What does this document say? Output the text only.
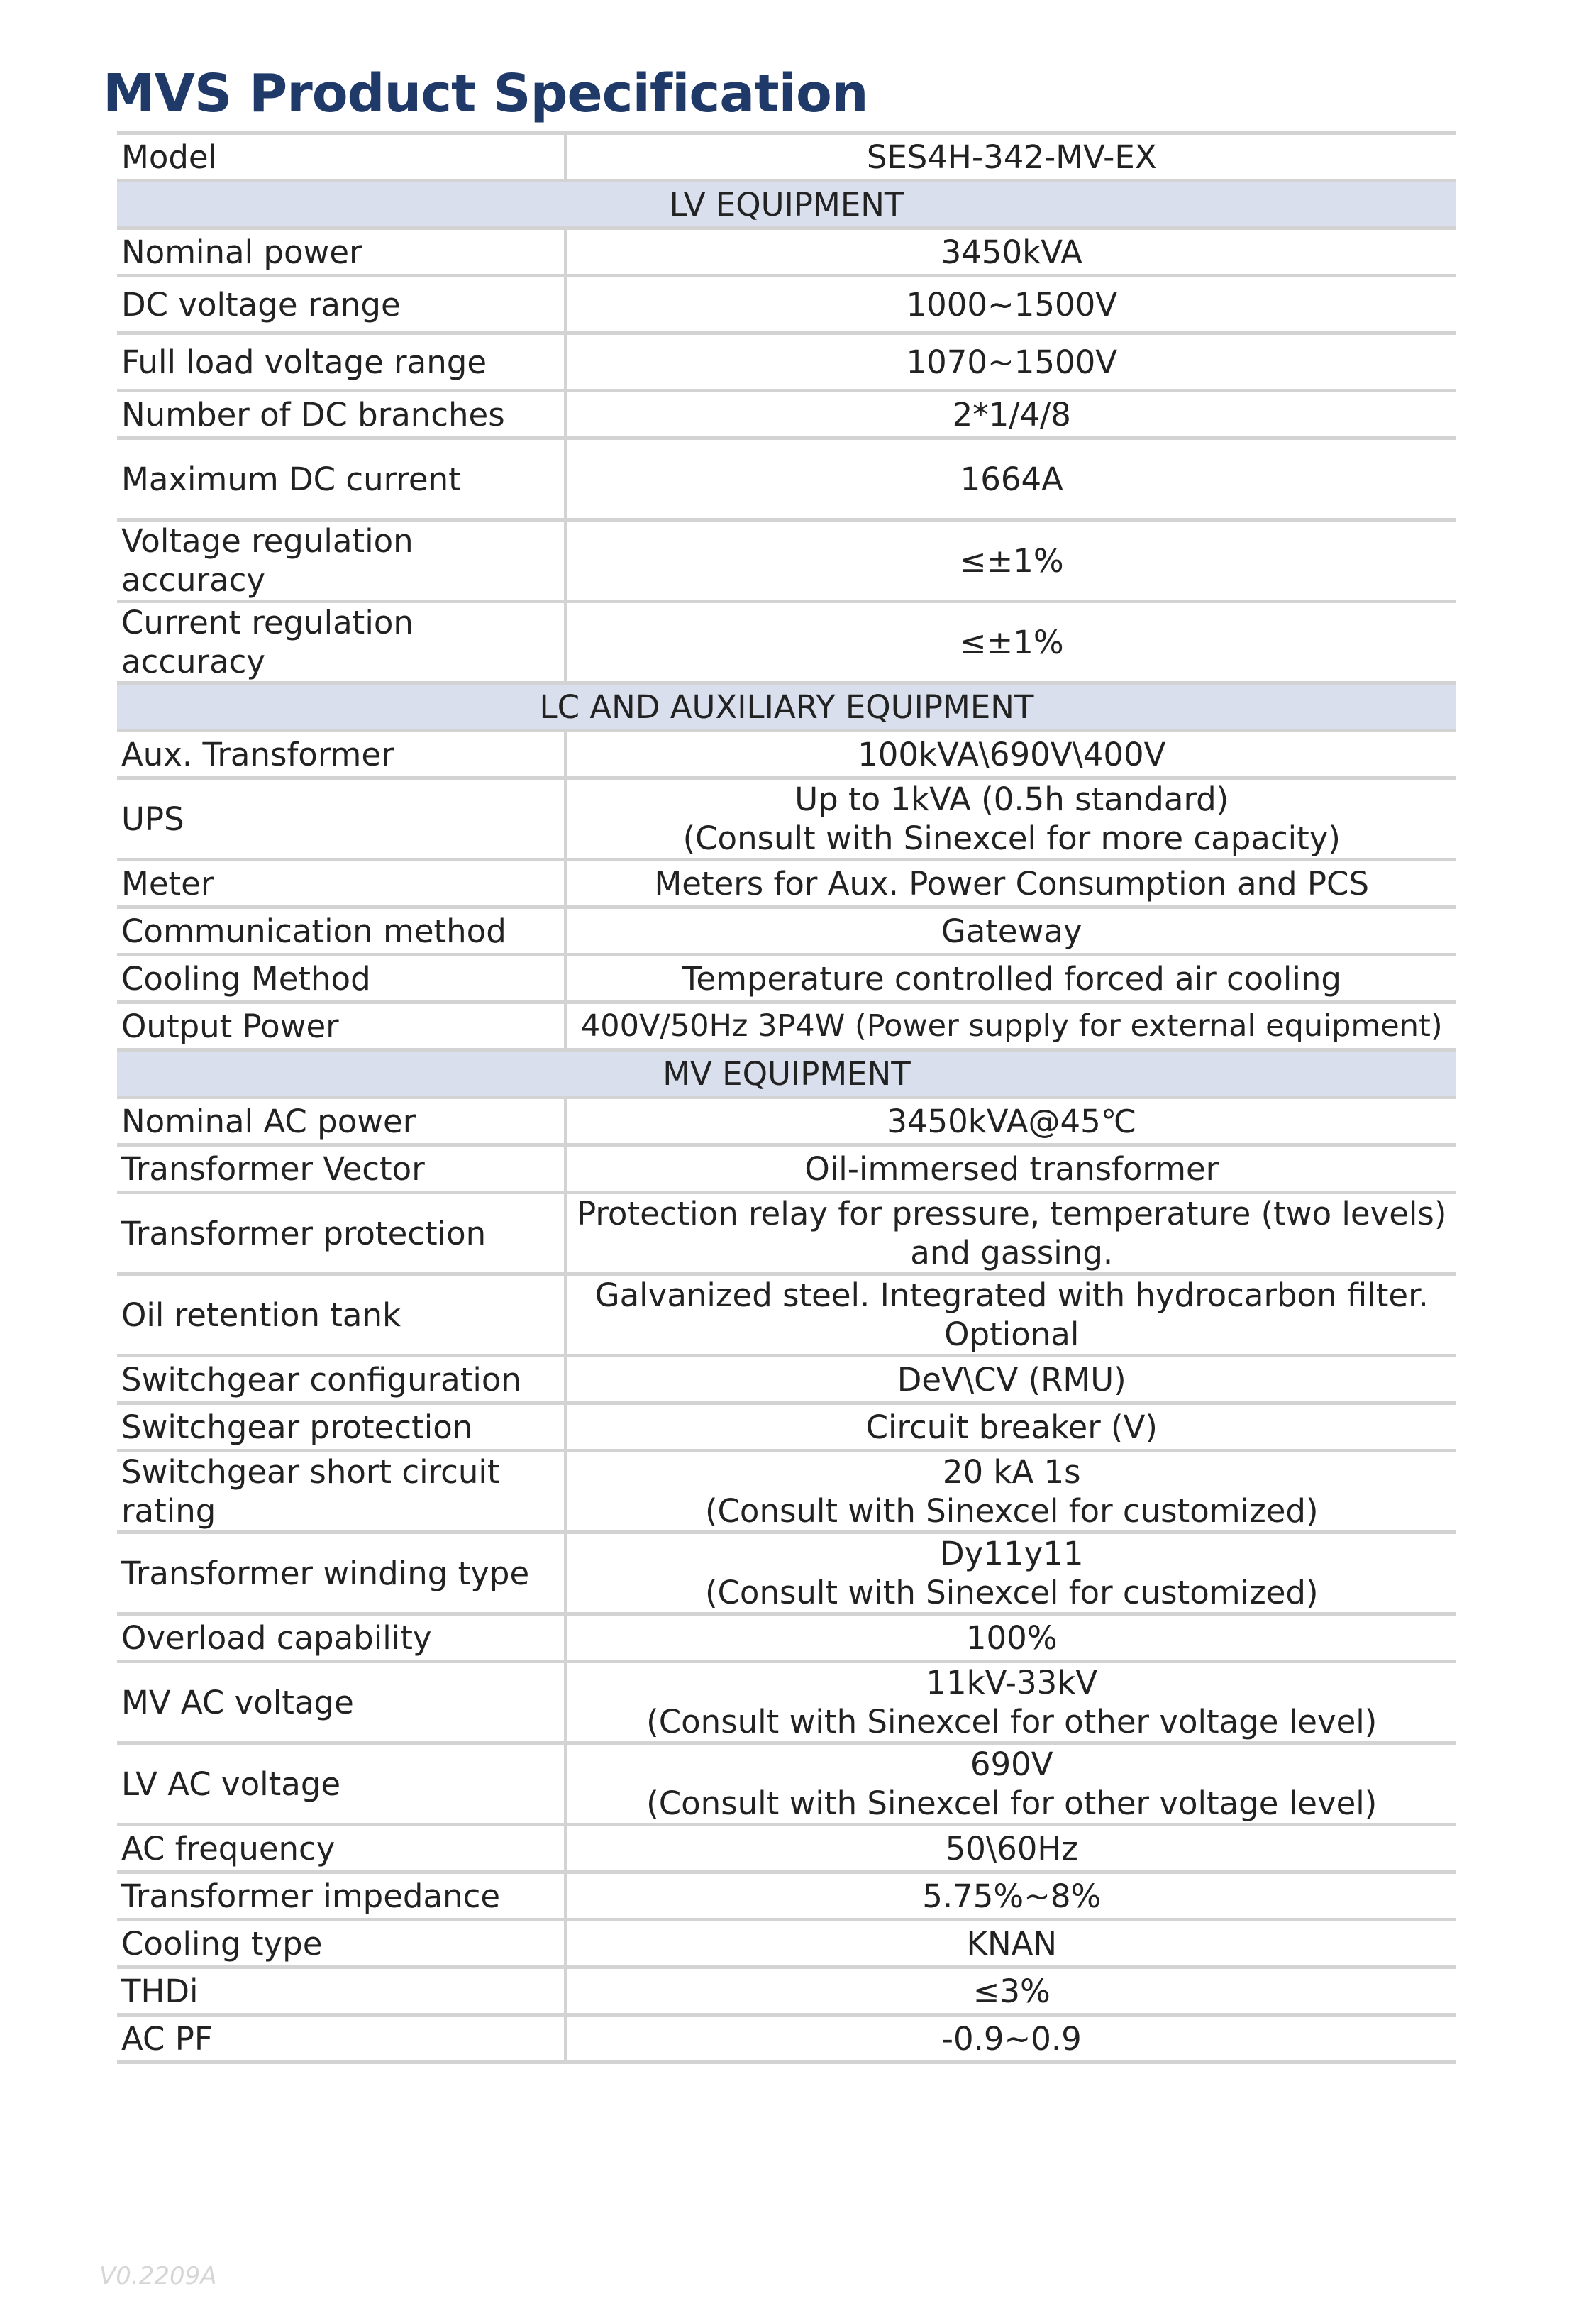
MVS Product Specification
Model	SES4H-342-MV-EX
LV EQUIPMENT	
Nominal power	3450kVA
DC voltage range	1000~1500V
Full load voltage range	1070~1500V
Number of DC branches	2*1/4/8
Maximum DC current	1664A
Voltage regulation
accuracy	≤±1%
Current regulation
accuracy	≤±1%
LC AND AUXILIARY EQUIPMENT	
Aux. Transformer	100kVA\690V\400V
UPS	Up to 1kVA (0.5h standard)
(Consult with Sinexcel for more capacity)
Meter	Meters for Aux. Power Consumption and PCS
Communication method	Gateway
Cooling Method	Temperature controlled forced air cooling
Output Power	400V/50Hz 3P4W (Power supply for external equipment)
MV EQUIPMENT	
Nominal AC power	3450kVA@45℃
Transformer Vector	Oil-immersed transformer
Transformer protection	Protection relay for pressure, temperature (two levels)
and gassing.
Oil retention tank	Galvanized steel. Integrated with hydrocarbon filter.
Optional
Switchgear configuration	DeV\CV (RMU)
Switchgear protection	Circuit breaker (V)
Switchgear short circuit
rating	20 kA 1s
(Consult with Sinexcel for customized)
Transformer winding type	Dy11y11
(Consult with Sinexcel for customized)
Overload capability	100%
MV AC voltage	11kV-33kV
(Consult with Sinexcel for other voltage level)
LV AC voltage	690V
(Consult with Sinexcel for other voltage level)
AC frequency	50\60Hz
Transformer impedance	5.75%~8%
Cooling type	KNAN
THDi	≤3%
AC PF	-0.9~0.9

V0.2209A
